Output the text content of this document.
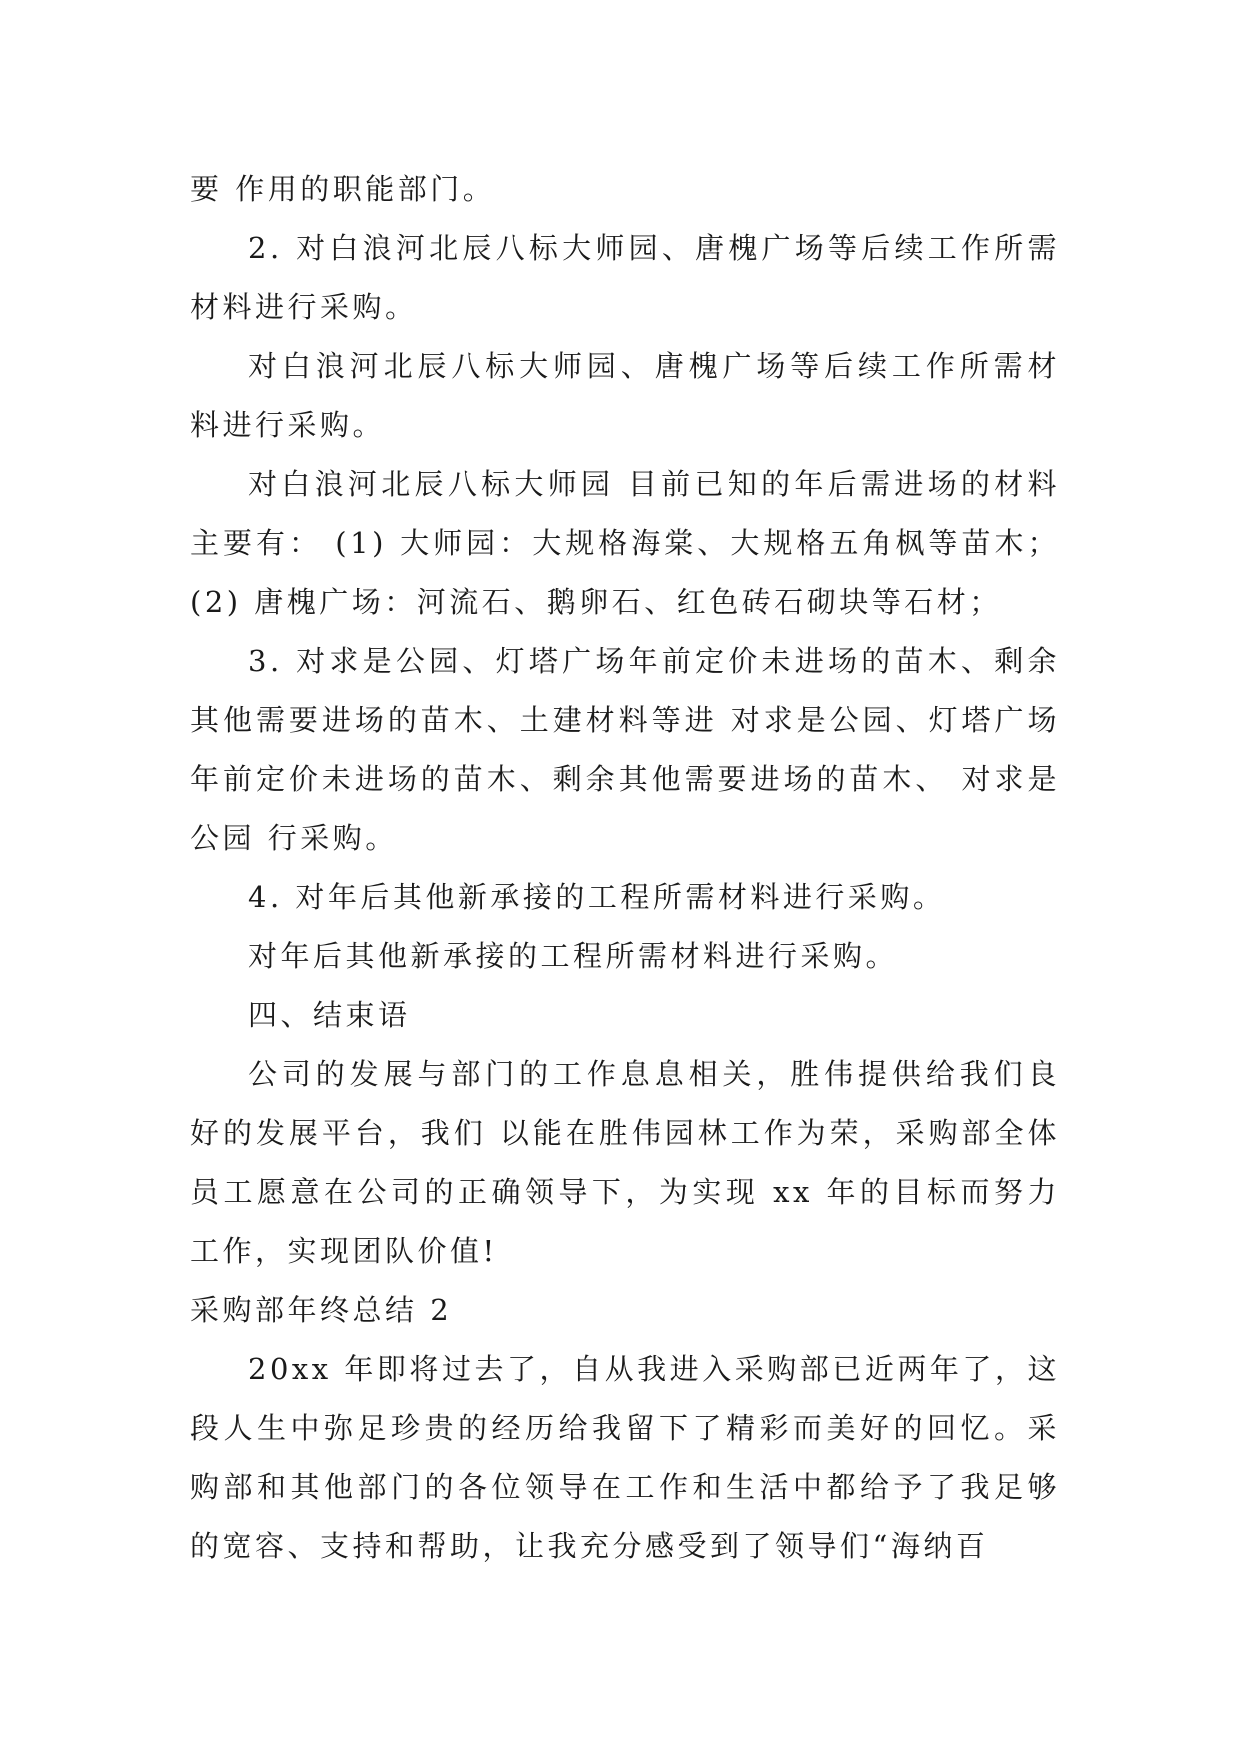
要 作用的职能部门。

2. 对白浪河北辰八标大师园、唐槐广场等后续工作所需材料进行采购。

对白浪河北辰八标大师园、唐槐广场等后续工作所需材料进行采购。

对白浪河北辰八标大师园 目前已知的年后需进场的材料主要有： (1) 大师园：大规格海棠、大规格五角枫等苗木；(2) 唐槐广场：河流石、鹅卵石、红色砖石砌块等石材；

3. 对求是公园、灯塔广场年前定价未进场的苗木、剩余其他需要进场的苗木、土建材料等进 对求是公园、灯塔广场年前定价未进场的苗木、剩余其他需要进场的苗木、 对求是公园 行采购。

4. 对年后其他新承接的工程所需材料进行采购。

对年后其他新承接的工程所需材料进行采购。

四、结束语

公司的发展与部门的工作息息相关，胜伟提供给我们良好的发展平台，我们 以能在胜伟园林工作为荣，采购部全体员工愿意在公司的正确领导下，为实现 xx 年的目标而努力工作，实现团队价值!

采购部年终总结 2

20xx 年即将过去了，自从我进入采购部已近两年了，这段人生中弥足珍贵的经历给我留下了精彩而美好的回忆。采购部和其他部门的各位领导在工作和生活中都给予了我足够的宽容、支持和帮助，让我充分感受到了领导们“海纳百
